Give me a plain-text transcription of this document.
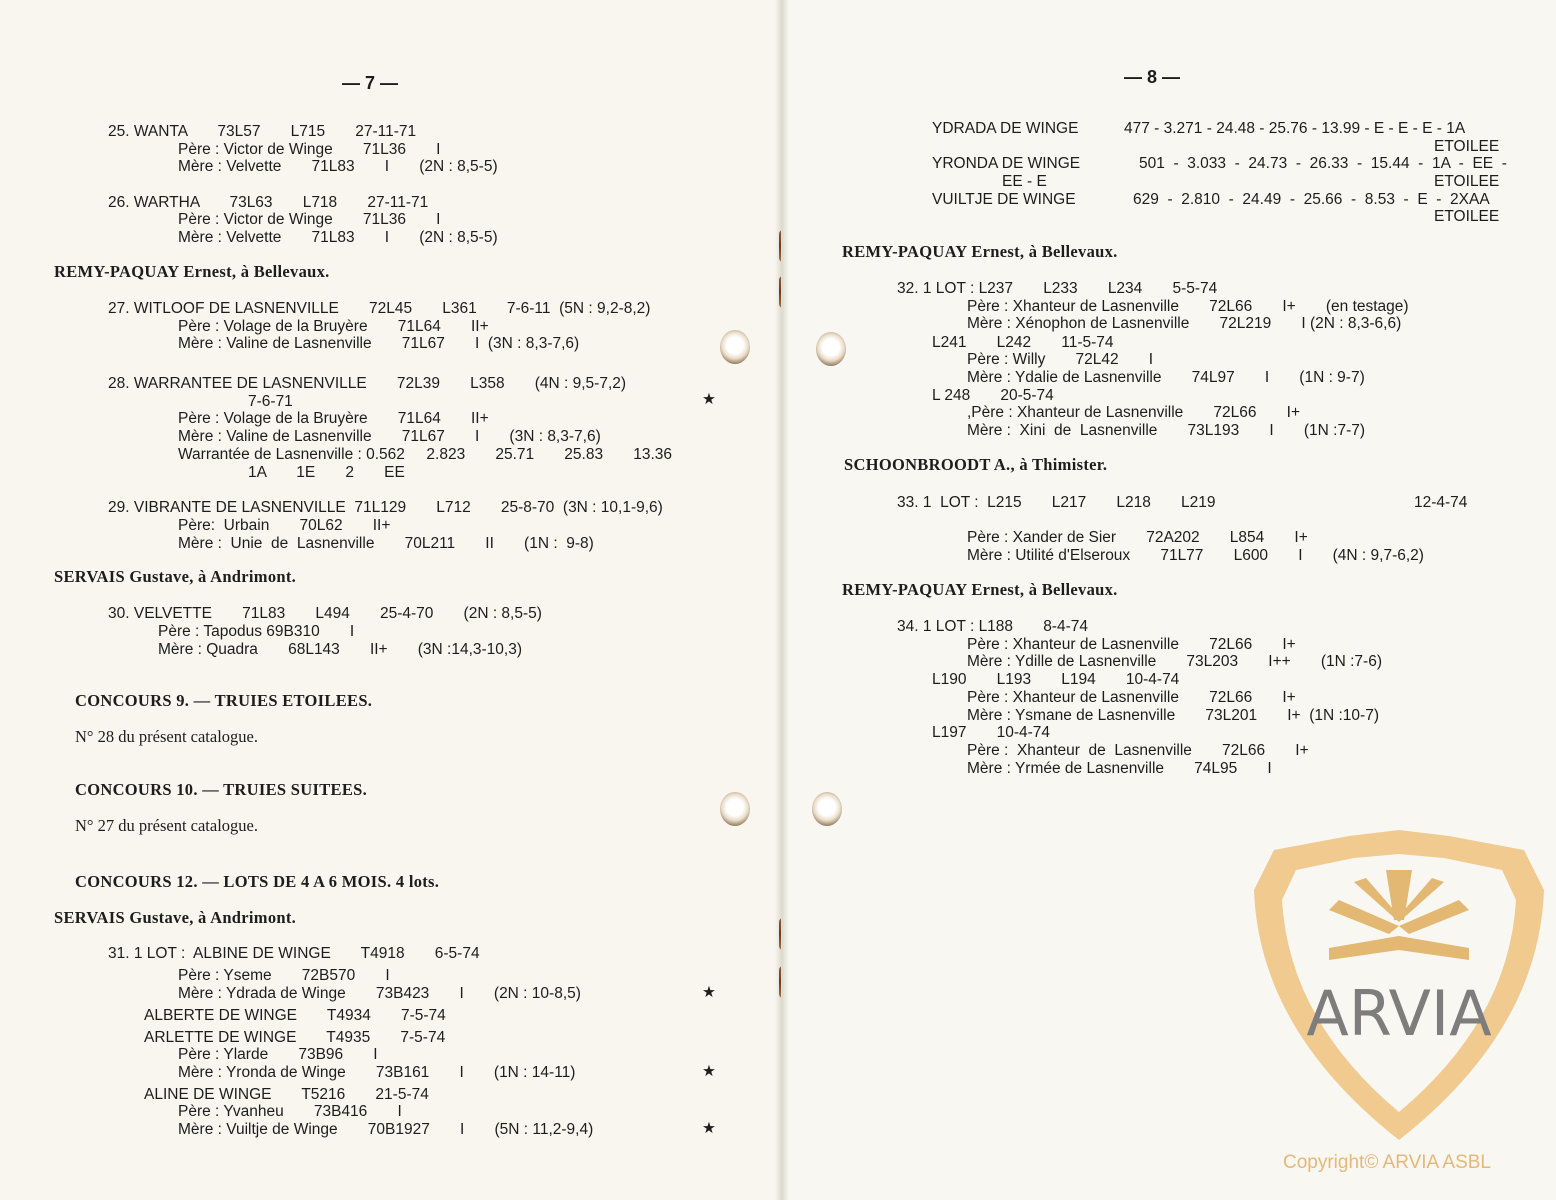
— 7 —
25. WANTA       73L57       L715       27-11-71
Père : Victor de Winge       71L36       I
Mère : Velvette       71L83       I       (2N : 8,5-5)
26. WARTHA       73L63       L718       27-11-71
Père : Victor de Winge       71L36       I
Mère : Velvette       71L83       I       (2N : 8,5-5)
REMY-PAQUAY Ernest, à Bellevaux.
27. WITLOOF DE LASNENVILLE       72L45       L361       7-6-11  (5N : 9,2-8,2)
Père : Volage de la Bruyère       71L64       II+
Mère : Valine de Lasnenville       71L67       I  (3N : 8,3-7,6)
28. WARRANTEE DE LASNENVILLE       72L39       L358       (4N : 9,5-7,2)
7-6-71	★
Père : Volage de la Bruyère       71L64       II+
Mère : Valine de Lasnenville       71L67       I       (3N : 8,3-7,6)
Warrantée de Lasnenville : 0.562     2.823       25.71       25.83       13.36
1A       1E       2       EE
29. VIBRANTE DE LASNENVILLE  71L129       L712       25-8-70  (3N : 10,1-9,6)
Père:  Urbain       70L62       II+
Mère :  Unie  de  Lasnenville       70L211       II       (1N :  9-8)
SERVAIS Gustave, à Andrimont.
30. VELVETTE       71L83       L494       25-4-70       (2N : 8,5-5)
Père : Tapodus 69B310       I
Mère : Quadra       68L143       II+       (3N :14,3-10,3)
CONCOURS 9. — TRUIES ETOILEES.
N° 28 du présent catalogue.
CONCOURS 10. — TRUIES SUITEES.
N° 27 du présent catalogue.
CONCOURS 12. — LOTS DE 4 A 6 MOIS. 4 lots.
SERVAIS Gustave, à Andrimont.
31. 1 LOT :  ALBINE DE WINGE       T4918       6-5-74
Père : Yseme       72B570       I
Mère : Ydrada de Winge       73B423       I       (2N : 10-8,5)	★
ALBERTE DE WINGE       T4934       7-5-74
ARLETTE DE WINGE       T4935       7-5-74
Père : Ylarde       73B96       I
Mère : Yronda de Winge       73B161       I       (1N : 14-11)	★
ALINE DE WINGE       T5216       21-5-74
Père : Yvanheu       73B416       I
Mère : Vuiltje de Winge       70B1927       I       (5N : 11,2-9,4)	★
— 8 —
YDRADA DE WINGE	477 - 3.271 - 24.48 - 25.76 - 13.99 - E - E - E - 1A
ETOILEE
YRONDA DE WINGE	501  -  3.033  -  24.73  -  26.33  -  15.44  -  1A  -  EE  -
EE - E	ETOILEE
VUILTJE DE WINGE	629  -  2.810  -  24.49  -  25.66  -  8.53  -  E  -  2XAA
ETOILEE
REMY-PAQUAY Ernest, à Bellevaux.
32. 1 LOT : L237       L233       L234       5-5-74
Père : Xhanteur de Lasnenville       72L66       I+       (en testage)
Mère : Xénophon de Lasnenville       72L219       I (2N : 8,3-6,6)
L241       L242       11-5-74
Père : Willy       72L42       I
Mère : Ydalie de Lasnenville       74L97       I       (1N : 9-7)
L 248       20-5-74
,Père : Xhanteur de Lasnenville       72L66       I+
Mère :  Xini  de  Lasnenville       73L193       I       (1N :7-7)
SCHOONBROODT A., à Thimister.
33. 1  LOT :  L215       L217       L218       L219	12-4-74
Père : Xander de Sier       72A202       L854       I+
Mère : Utilité d'Elseroux       71L77       L600       I       (4N : 9,7-6,2)
REMY-PAQUAY Ernest, à Bellevaux.
34. 1 LOT : L188       8-4-74
Père : Xhanteur de Lasnenville       72L66       I+
Mère : Ydille de Lasnenville       73L203       I++       (1N :7-6)
L190       L193       L194       10-4-74
Père : Xhanteur de Lasnenville       72L66       I+
Mère : Ysmane de Lasnenville       73L201       I+  (1N :10-7)
L197       10-4-74
Père :  Xhanteur  de  Lasnenville       72L66       I+
Mère : Yrmée de Lasnenville       74L95       I
ARVIA
Copyright© ARVIA ASBL
